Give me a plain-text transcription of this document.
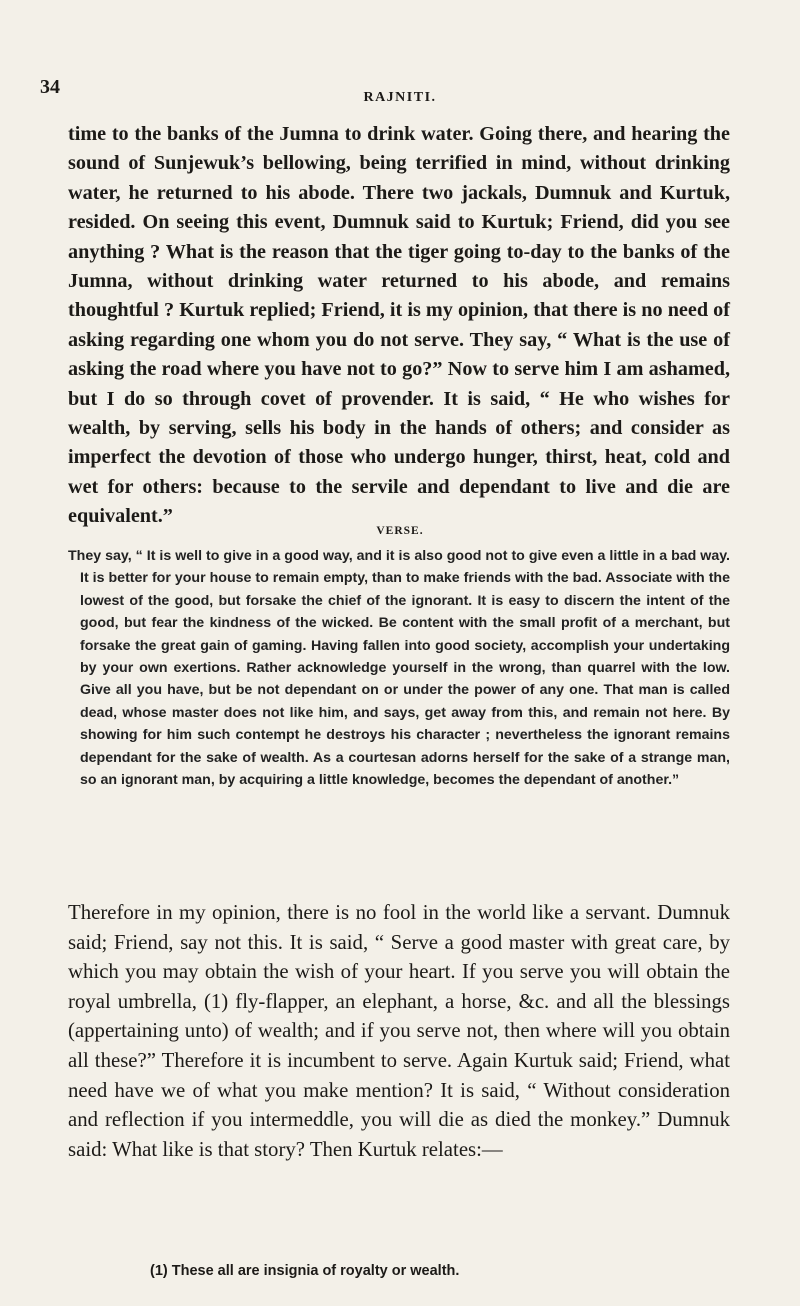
34	RAJNITI.

time to the banks of the Jumna to drink water. Going there, and hearing the sound of Sunjewuk’s bellowing, being terrified in mind, without drinking water, he returned to his abode. There two jackals, Dumnuk and Kurtuk, resided. On seeing this event, Dumnuk said to Kurtuk; Friend, did you see anything ? What is the reason that the tiger going to-day to the banks of the Jumna, without drinking water returned to his abode, and remains thoughtful ? Kurtuk replied; Friend, it is my opinion, that there is no need of asking regarding one whom you do not serve. They say, “ What is the use of asking the road where you have not to go?” Now to serve him I am ashamed, but I do so through covet of provender. It is said, “ He who wishes for wealth, by serving, sells his body in the hands of others; and consider as imperfect the devotion of those who undergo hunger, thirst, heat, cold and wet for others: because to the servile and dependant to live and die are equivalent.”

VERSE.

They say, “ It is well to give in a good way, and it is also good not to give even a little in a bad way. It is better for your house to remain empty, than to make friends with the bad. Associate with the lowest of the good, but forsake the chief of the ignorant. It is easy to discern the intent of the good, but fear the kindness of the wicked. Be content with the small profit of a merchant, but forsake the great gain of gaming. Having fallen into good society, accomplish your undertaking by your own exertions. Rather acknowledge yourself in the wrong, than quarrel with the low. Give all you have, but be not dependant on or under the power of any one. That man is called dead, whose master does not like him, and says, get away from this, and remain not here. By showing for him such contempt he destroys his character ; nevertheless the ignorant remains dependant for the sake of wealth. As a courtesan adorns herself for the sake of a strange man, so an ignorant man, by acquiring a little knowledge, becomes the dependant of another.”

Therefore in my opinion, there is no fool in the world like a servant. Dumnuk said; Friend, say not this. It is said, “ Serve a good master with great care, by which you may obtain the wish of your heart. If you serve you will obtain the royal umbrella, (1) fly-flapper, an elephant, a horse, &c. and all the blessings (appertaining unto) of wealth; and if you serve not, then where will you obtain all these?” Therefore it is incumbent to serve. Again Kurtuk said; Friend, what need have we of what you make mention? It is said, “ Without consideration and reflection if you intermeddle, you will die as died the monkey.” Dumnuk said: What like is that story? Then Kurtuk relates:—

(1) These all are insignia of royalty or wealth.
